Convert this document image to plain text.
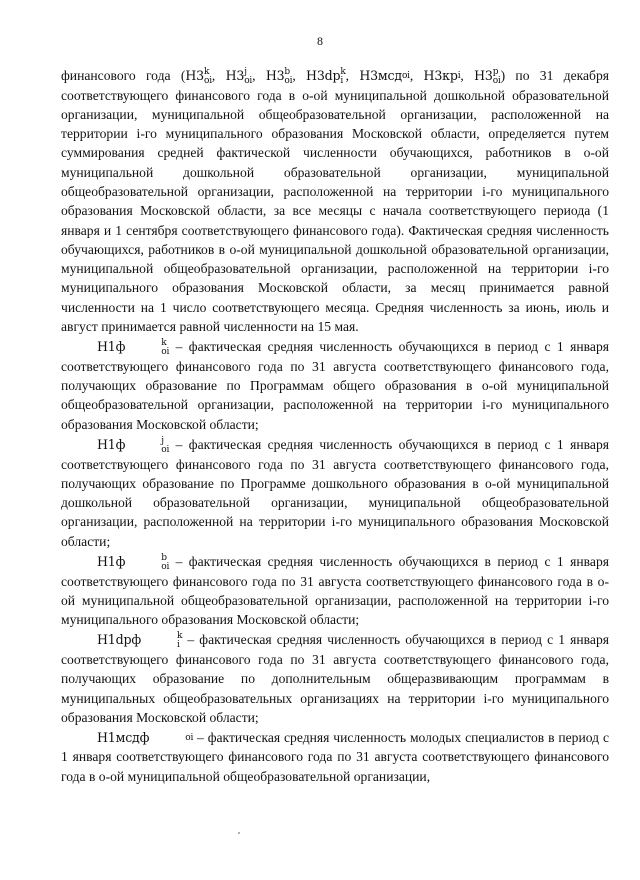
8

финансового года (Н3 k
oi , Н3 j
oi , Н3 b
oi , Н3dp k
i , Н3мсд oi , Н3кр i , Н3 p
oi ) по 31 декабря соответствующего финансового года в о-ой муниципальной дошкольной образовательной организации, муниципальной общеобразовательной организации, расположенной на территории i-го муниципального образования Московской области, определяется путем суммирования средней фактической численности обучающихся, работников в о-ой муниципальной дошкольной образовательной организации, муниципальной общеобразовательной организации, расположенной на территории i-го муниципального образования Московской области, за все месяцы с начала соответствующего периода (1 января и 1 сентября соответствующего финансового года). Фактическая средняя численность обучающихся, работников в о-ой муниципальной дошкольной образовательной организации, муниципальной общеобразовательной организации, расположенной на территории i-го муниципального образования Московской области, за месяц принимается равной численности на 1 число соответствующего месяца. Средняя численность за июнь, июль и август принимается равной численности на 15 мая.

Н1ф	k
oi – фактическая средняя численность обучающихся в период с 1 января соответствующего финансового года по 31 августа соответствующего финансового года, получающих образование по Программам общего образования в о-ой муниципальной общеобразовательной организации, расположенной на территории i-го муниципального образования Московской области;

Н1ф	j
oi – фактическая средняя численность обучающихся в период с 1 января соответствующего финансового года по 31 августа соответствующего финансового года, получающих образование по Программе дошкольного образования в о-ой муниципальной дошкольной образовательной организации, муниципальной общеобразовательной организации, расположенной на территории i-го муниципального образования Московской области;

Н1ф	b
oi – фактическая средняя численность обучающихся в период с 1 января соответствующего финансового года по 31 августа соответствующего финансового года в о-ой муниципальной общеобразовательной организации, расположенной на территории i-го муниципального образования Московской области;

Н1dpф	k
i – фактическая средняя численность обучающихся в период с 1 января соответствующего финансового года по 31 августа соответствующего финансового года, получающих образование по дополнительным общеразвивающим программам в муниципальных общеобразовательных организациях на территории i-го муниципального образования Московской области;

Н1мсдф	oi – фактическая средняя численность молодых специалистов в период с 1 января соответствующего финансового года по 31 августа соответствующего финансового года в о-ой муниципальной общеобразовательной организации,
